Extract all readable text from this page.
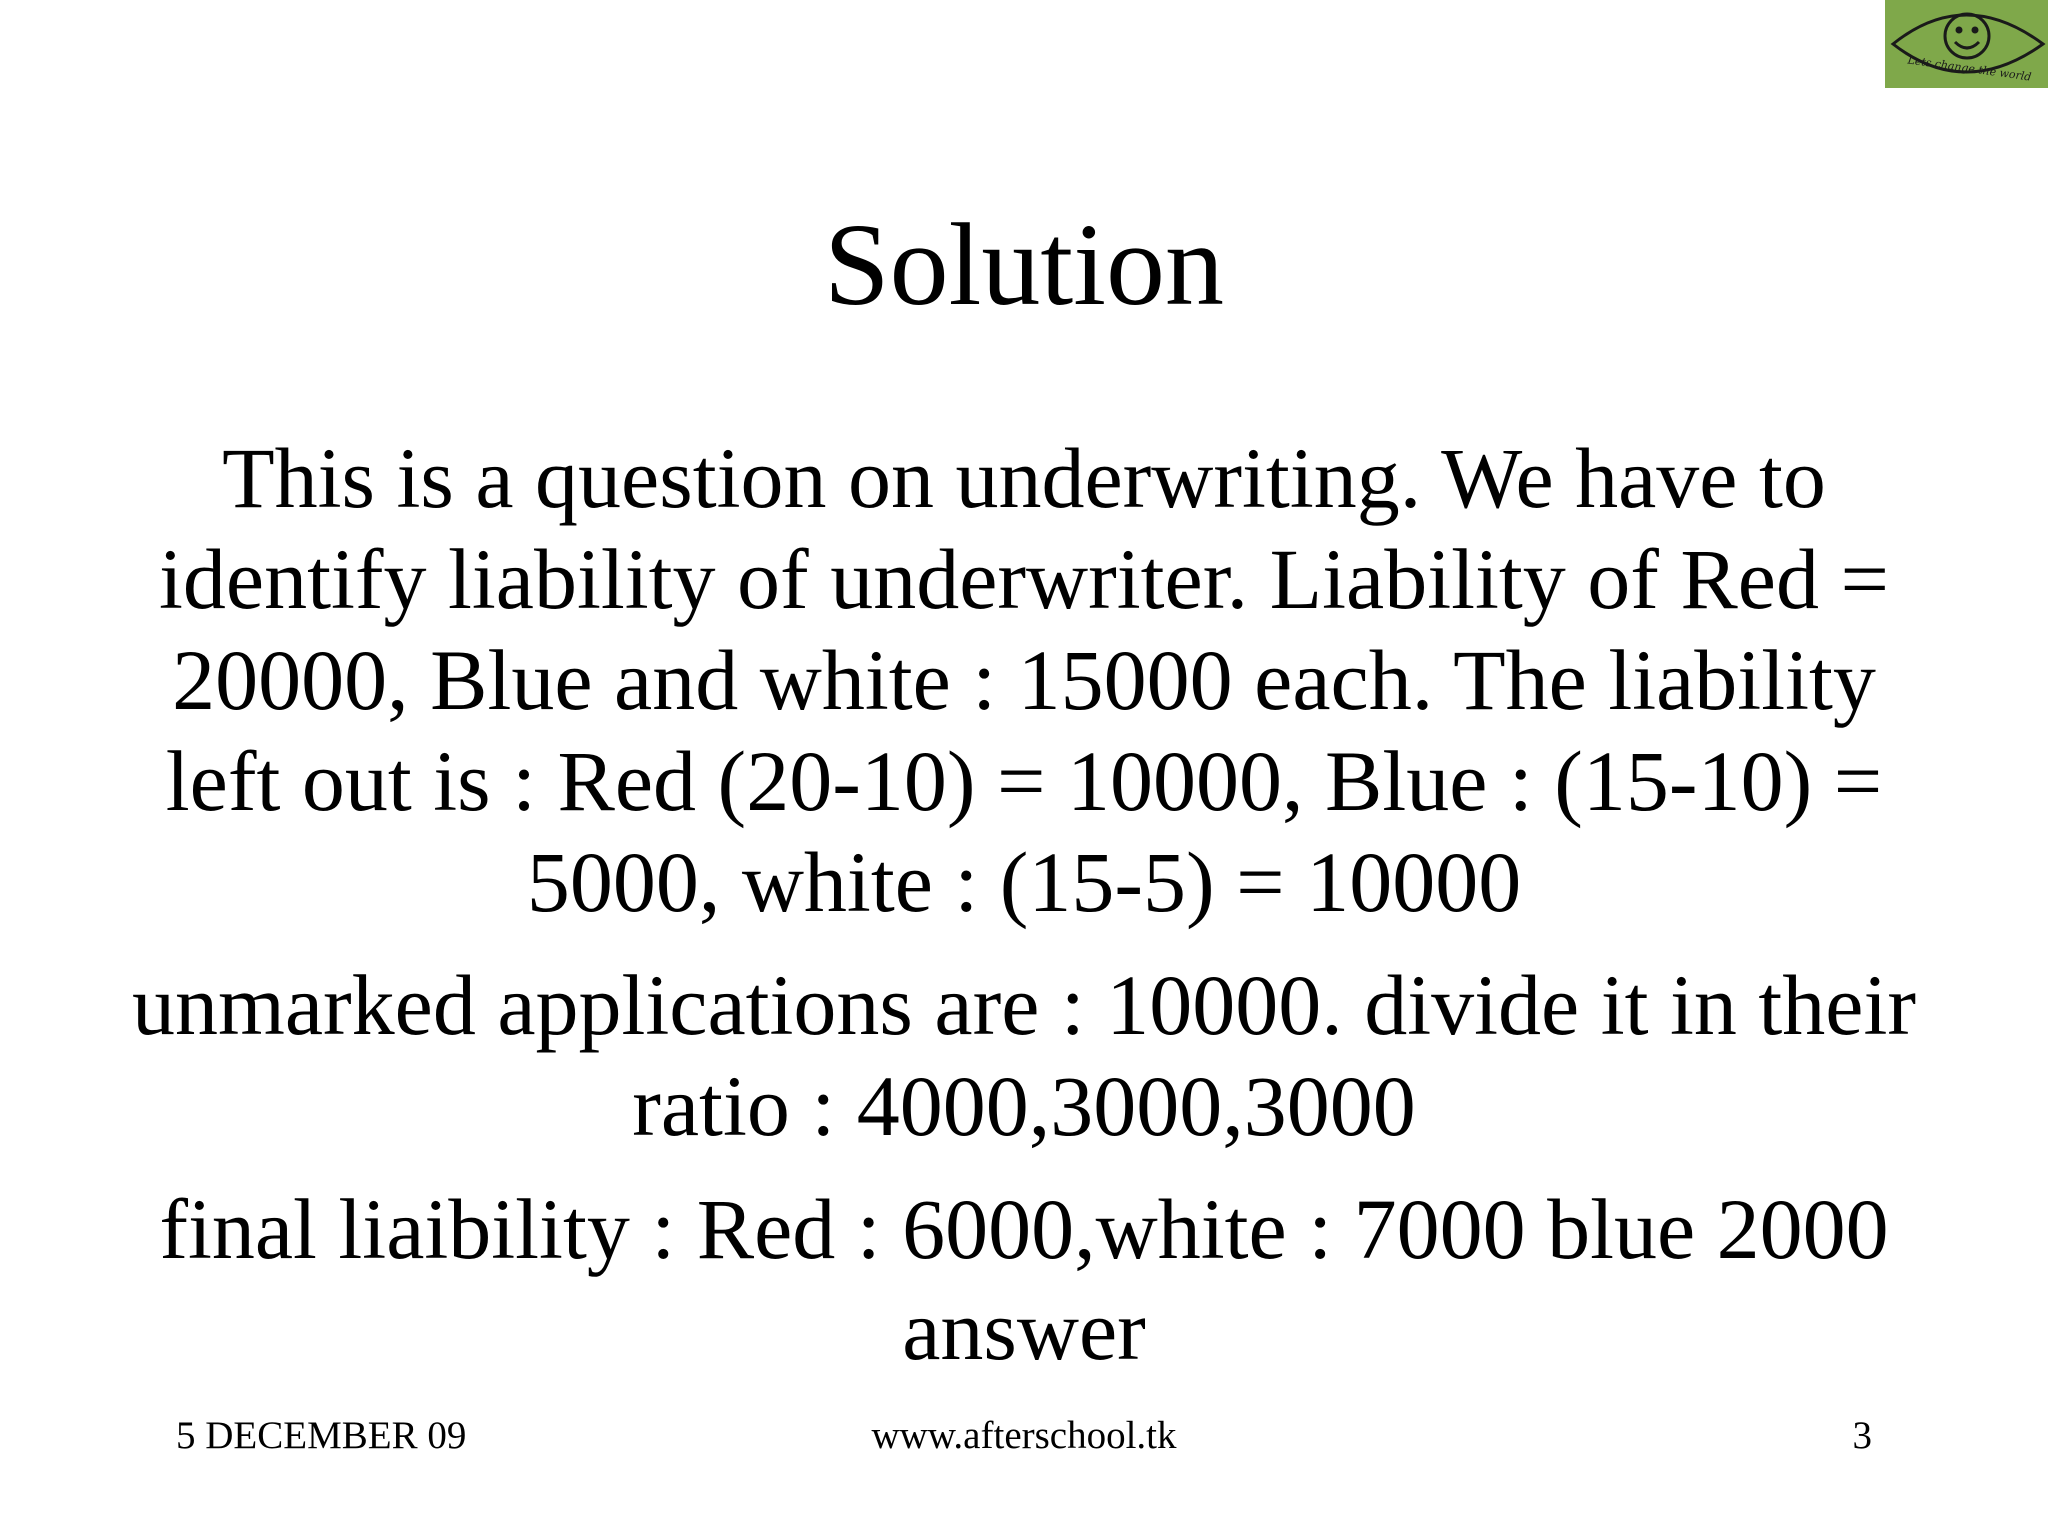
Lets change the world
Solution

This is a question on underwriting. We have to identify liability of underwriter. Liability of Red = 20000, Blue and white : 15000 each. The liability left out is : Red (20-10) = 10000, Blue : (15-10) = 5000, white : (15-5) = 10000

unmarked applications are : 10000. divide it in their ratio : 4000,3000,3000

final liaibility : Red : 6000,white : 7000 blue 2000 answer

5 DECEMBER 09	www.afterschool.tk	3
